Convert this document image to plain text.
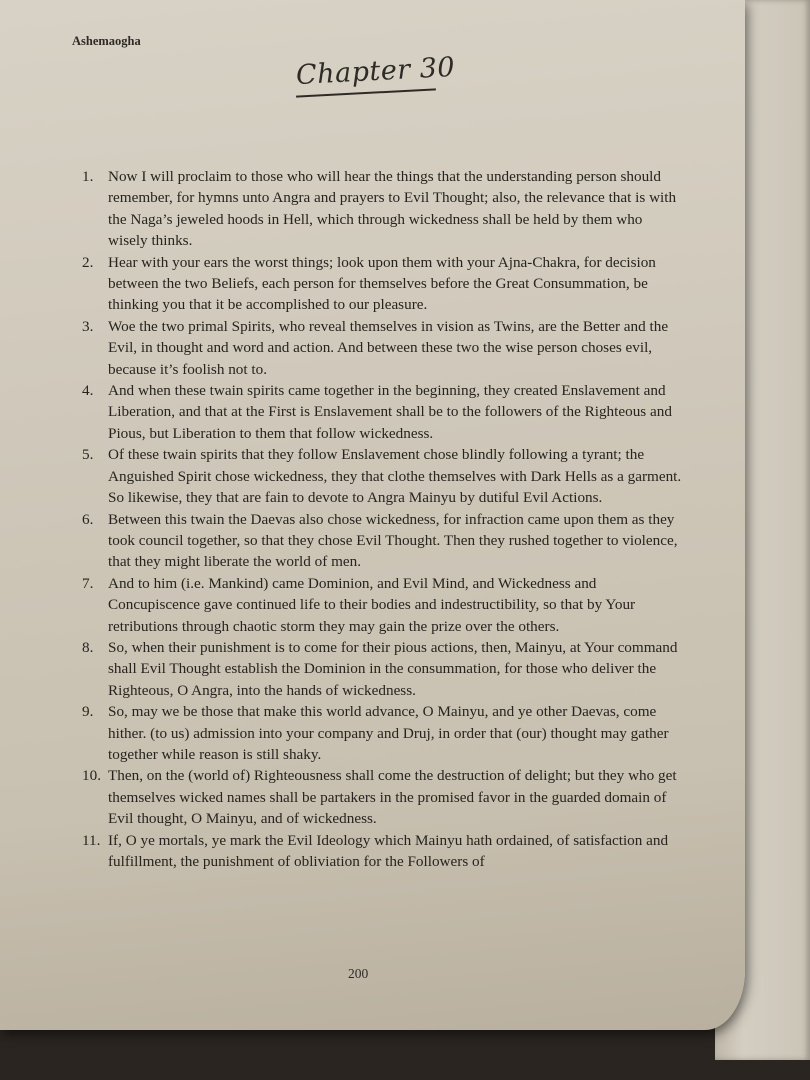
Ashemaogha
Chapter 30
1. Now I will proclaim to those who will hear the things that the understanding person should remember, for hymns unto Angra and prayers to Evil Thought; also, the relevance that is with the Naga’s jeweled hoods in Hell, which through wickedness shall be held by them who wisely thinks.
2. Hear with your ears the worst things; look upon them with your Ajna-Chakra, for decision between the two Beliefs, each person for themselves before the Great Consummation, be thinking you that it be accomplished to our pleasure.
3. Woe the two primal Spirits, who reveal themselves in vision as Twins, are the Better and the Evil, in thought and word and action. And between these two the wise person choses evil, because it’s foolish not to.
4. And when these twain spirits came together in the beginning, they created Enslavement and Liberation, and that at the First is Enslavement shall be to the followers of the Righteous and Pious, but Liberation to them that follow wickedness.
5. Of these twain spirits that they follow Enslavement chose blindly following a tyrant; the Anguished Spirit chose wickedness, they that clothe themselves with Dark Hells as a garment. So likewise, they that are fain to devote to Angra Mainyu by dutiful Evil Actions.
6. Between this twain the Daevas also chose wickedness, for infraction came upon them as they took council together, so that they chose Evil Thought. Then they rushed together to violence, that they might liberate the world of men.
7. And to him (i.e. Mankind) came Dominion, and Evil Mind, and Wickedness and Concupiscence gave continued life to their bodies and indestructibility, so that by Your retributions through chaotic storm they may gain the prize over the others.
8. So, when their punishment is to come for their pious actions, then, Mainyu, at Your command shall Evil Thought establish the Dominion in the consummation, for those who deliver the Righteous, O Angra, into the hands of wickedness.
9. So, may we be those that make this world advance, O Mainyu, and ye other Daevas, come hither. (to us) admission into your company and Druj, in order that (our) thought may gather together while reason is still shaky.
10. Then, on the (world of) Righteousness shall come the destruction of delight; but they who get themselves wicked names shall be partakers in the promised favor in the guarded domain of Evil thought, O Mainyu, and of wickedness.
11. If, O ye mortals, ye mark the Evil Ideology which Mainyu hath ordained, of satisfaction and fulfillment, the punishment of obliviation for the Followers of
200
